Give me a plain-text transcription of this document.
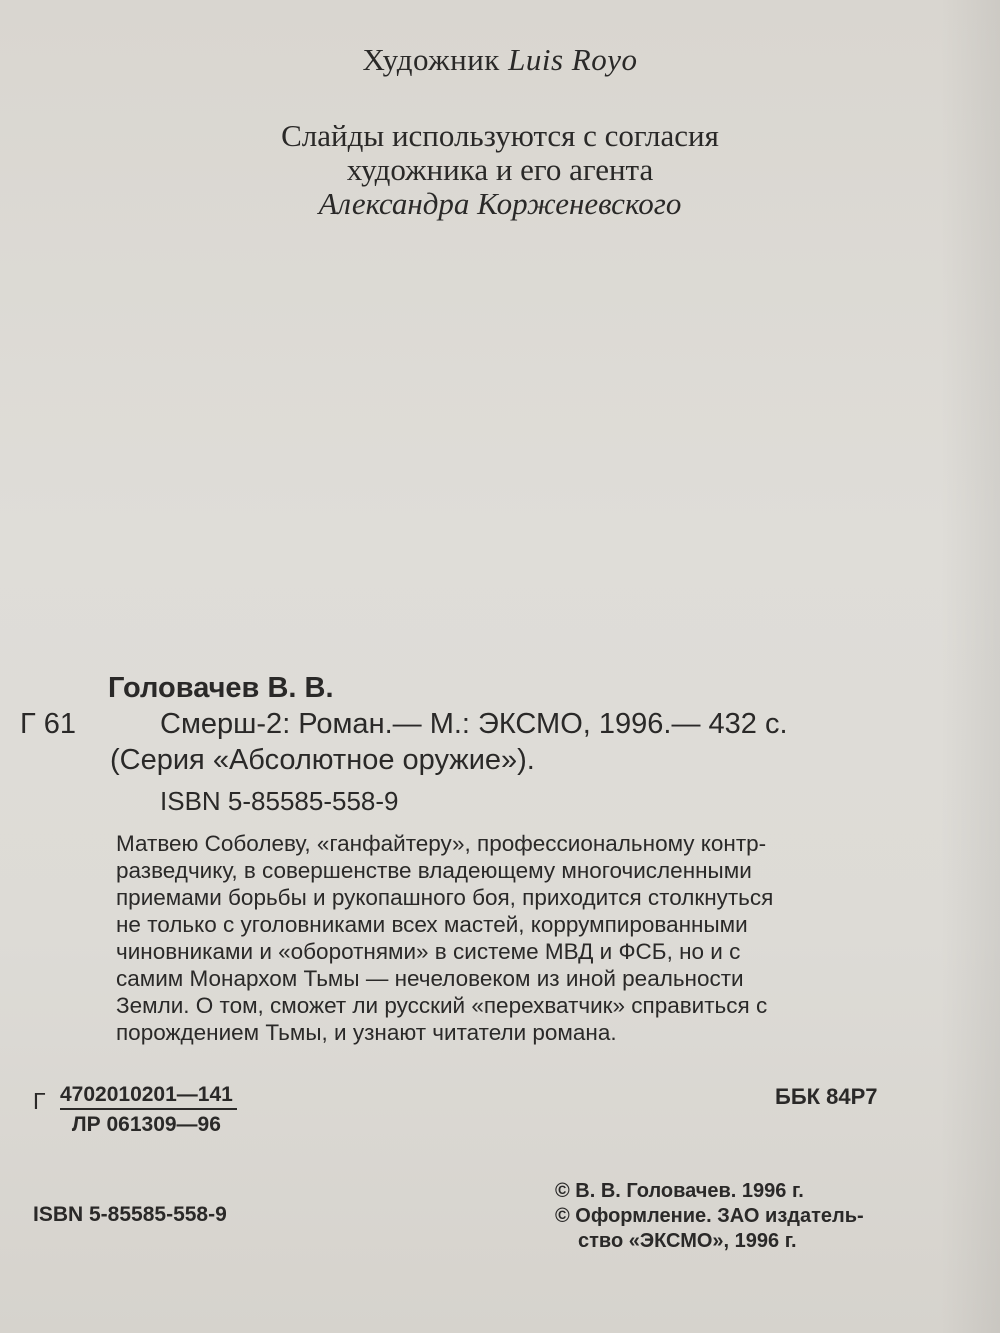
Художник Luis Royo
Слайды используются с согласия
художника и его агента
Александра Корженевского
Головачев В. В.
Г 61	Смерш-2: Роман.— М.: ЭКСМО, 1996.— 432 с.
(Серия «Абсолютное оружие»).
ISBN 5-85585-558-9
Матвею Соболеву, «ганфайтеру», профессиональному контр-
разведчику, в совершенстве владеющему многочисленными
приемами борьбы и рукопашного боя, приходится столкнуться
не только с уголовниками всех мастей, коррумпированными
чиновниками и «оборотнями» в системе МВД и ФСБ, но и с
самим Монархом Тьмы — нечеловеком из иной реальности
Земли. О том, сможет ли русский «перехватчик» справиться с
порождением Тьмы, и узнают читатели романа.
Г 4702010201—141
ЛР 061309—96
ББК 84Р7
ISBN 5-85585-558-9
© В. В. Головачев. 1996 г.
© Оформление. ЗАО издатель-
ство «ЭКСМО», 1996 г.
